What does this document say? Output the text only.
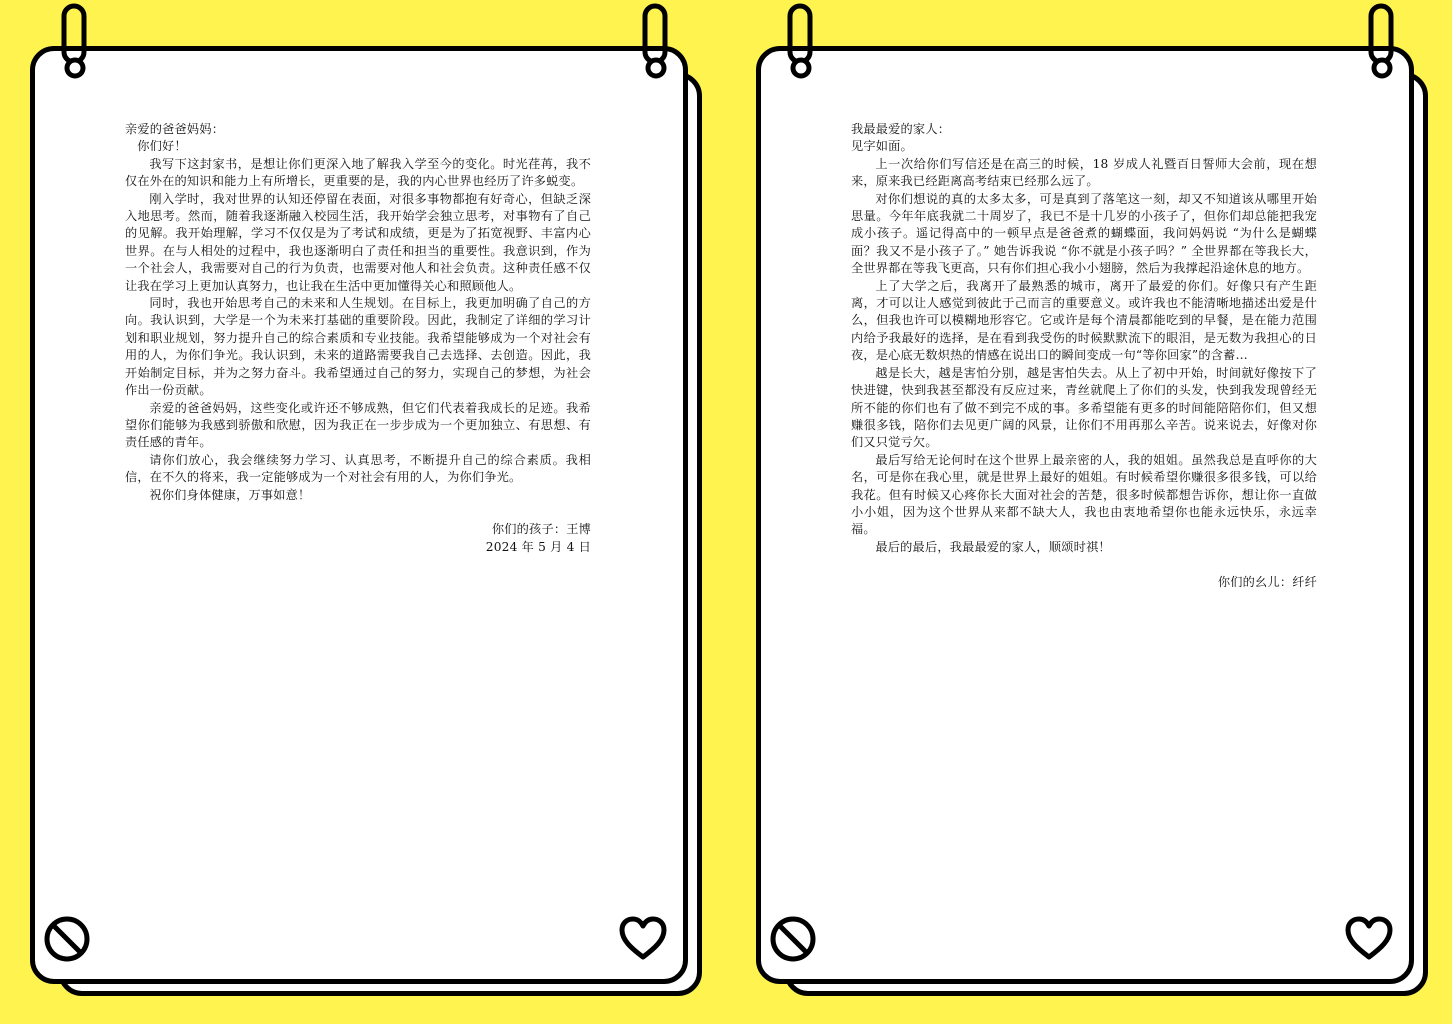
亲爱的爸爸妈妈：

你们好！

我写下这封家书，是想让你们更深入地了解我入学至今的变化。时光荏苒，我不仅在外在的知识和能力上有所增长，更重要的是，我的内心世界也经历了许多蜕变。

刚入学时，我对世界的认知还停留在表面，对很多事物都抱有好奇心，但缺乏深入地思考。然而，随着我逐渐融入校园生活，我开始学会独立思考，对事物有了自己的见解。我开始理解，学习不仅仅是为了考试和成绩，更是为了拓宽视野、丰富内心世界。在与人相处的过程中，我也逐渐明白了责任和担当的重要性。我意识到，作为一个社会人，我需要对自己的行为负责，也需要对他人和社会负责。这种责任感不仅让我在学习上更加认真努力，也让我在生活中更加懂得关心和照顾他人。

同时，我也开始思考自己的未来和人生规划。在目标上，我更加明确了自己的方向。我认识到，大学是一个为未来打基础的重要阶段。因此，我制定了详细的学习计划和职业规划，努力提升自己的综合素质和专业技能。我希望能够成为一个对社会有用的人，为你们争光。我认识到，未来的道路需要我自己去选择、去创造。因此，我开始制定目标，并为之努力奋斗。我希望通过自己的努力，实现自己的梦想，为社会作出一份贡献。

亲爱的爸爸妈妈，这些变化或许还不够成熟，但它们代表着我成长的足迹。我希望你们能够为我感到骄傲和欣慰，因为我正在一步步成为一个更加独立、有思想、有责任感的青年。

请你们放心，我会继续努力学习、认真思考，不断提升自己的综合素质。我相信，在不久的将来，我一定能够成为一个对社会有用的人，为你们争光。

祝你们身体健康，万事如意！

你们的孩子：王博

2024 年 5 月 4 日

我最最爱的家人：

见字如面。

上一次给你们写信还是在高三的时候，18 岁成人礼暨百日誓师大会前，现在想来，原来我已经距离高考结束已经那么远了。

对你们想说的真的太多太多，可是真到了落笔这一刻，却又不知道该从哪里开始思量。今年年底我就二十周岁了，我已不是十几岁的小孩子了，但你们却总能把我宠成小孩子。遥记得高中的一顿早点是爸爸煮的蝴蝶面，我问妈妈说 “为什么是蝴蝶面？我又不是小孩子了。” 她告诉我说 “你不就是小孩子吗？” 全世界都在等我长大，全世界都在等我飞更高，只有你们担心我小小翅膀，然后为我撑起沿途休息的地方。

上了大学之后，我离开了最熟悉的城市，离开了最爱的你们。好像只有产生距离，才可以让人感觉到彼此于己而言的重要意义。或许我也不能清晰地描述出爱是什么，但我也许可以模糊地形容它。它或许是每个清晨都能吃到的早餐，是在能力范围内给予我最好的选择，是在看到我受伤的时候默默流下的眼泪，是无数为我担心的日夜，是心底无数炽热的情感在说出口的瞬间变成一句“等你回家”的含蓄…

越是长大，越是害怕分别，越是害怕失去。从上了初中开始，时间就好像按下了快进键，快到我甚至都没有反应过来，青丝就爬上了你们的头发，快到我发现曾经无所不能的你们也有了做不到完不成的事。多希望能有更多的时间能陪陪你们，但又想赚很多钱，陪你们去见更广阔的风景，让你们不用再那么辛苦。说来说去，好像对你们又只觉亏欠。

最后写给无论何时在这个世界上最亲密的人，我的姐姐。虽然我总是直呼你的大名，可是你在我心里，就是世界上最好的姐姐。有时候希望你赚很多很多钱，可以给我花。但有时候又心疼你长大面对社会的苦楚，很多时候都想告诉你，想让你一直做小小姐，因为这个世界从来都不缺大人，我也由衷地希望你也能永远快乐，永远幸福。

最后的最后，我最最爱的家人，顺颂时祺！

你们的幺儿：纤纤
